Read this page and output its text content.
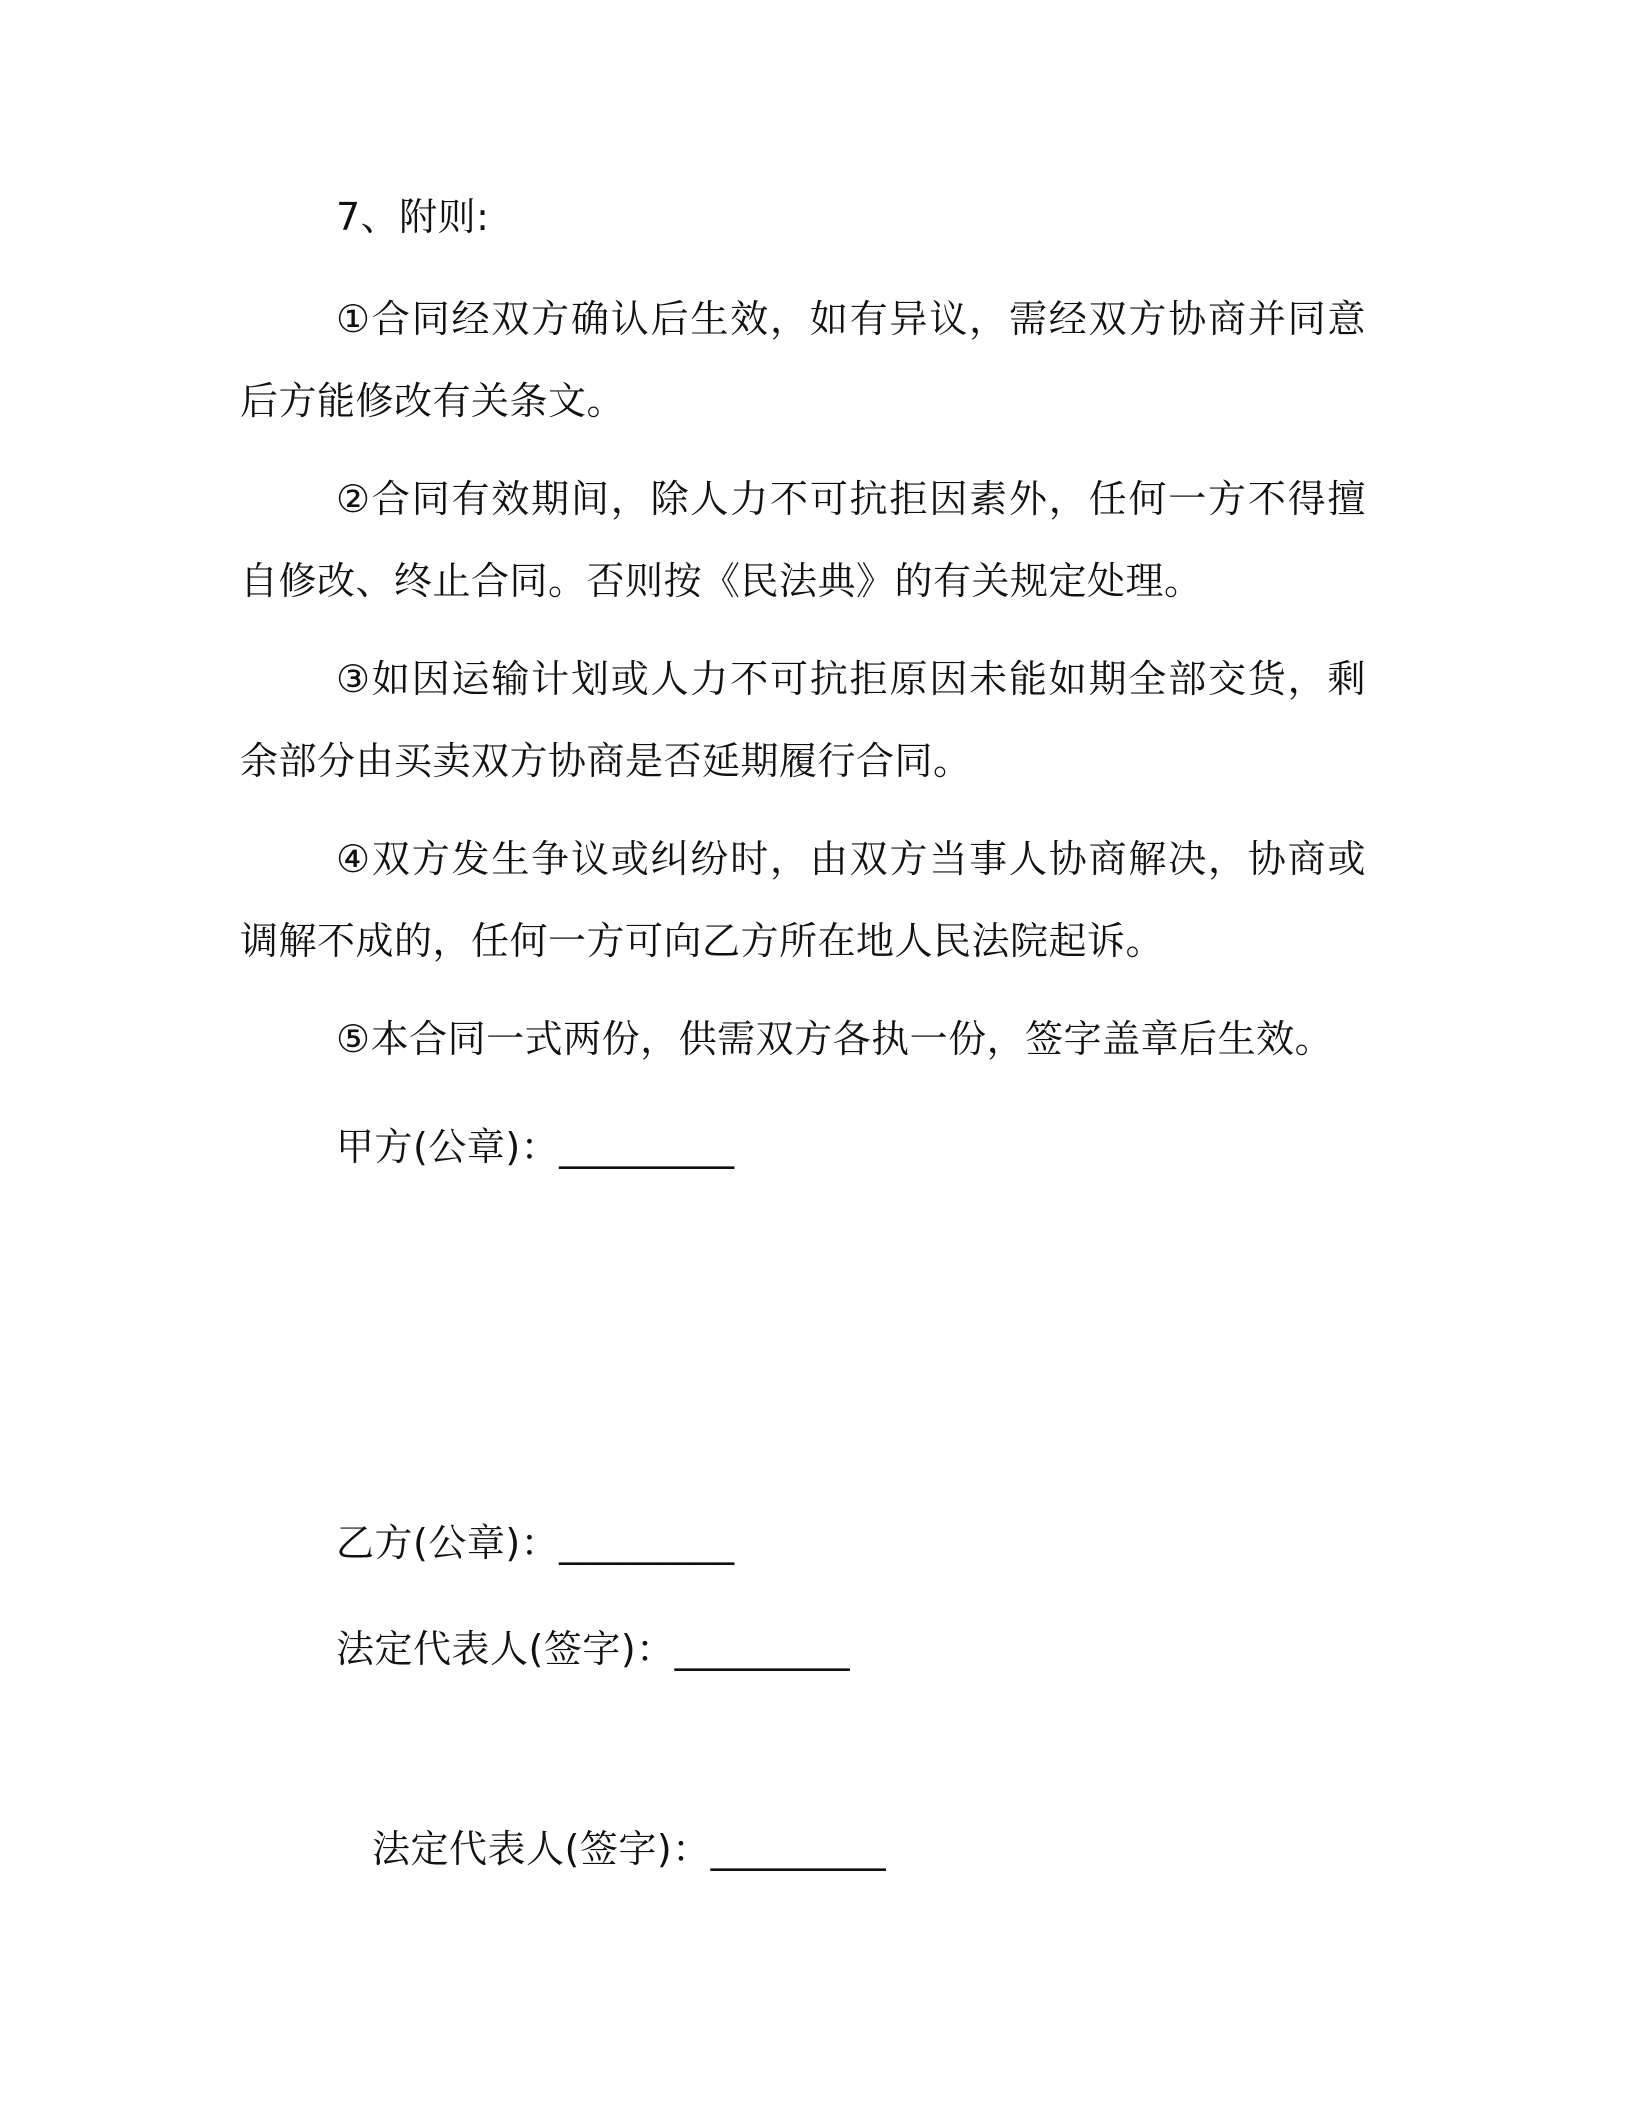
7、附则:
①合同经双方确认后生效，如有异议，需经双方协商并同意后方能修改有关条文。
②合同有效期间，除人力不可抗拒因素外，任何一方不得擅自修改、终止合同。否则按《民法典》的有关规定处理。
③如因运输计划或人力不可抗拒原因未能如期全部交货，剩余部分由买卖双方协商是否延期履行合同。
④双方发生争议或纠纷时，由双方当事人协商解决，协商或调解不成的，任何一方可向乙方所在地人民法院起诉。
⑤本合同一式两份，供需双方各执一份，签字盖章后生效。
甲方(公章)：_________
乙方(公章)：_________
法定代表人(签字)：_________
法定代表人(签字)：_________
